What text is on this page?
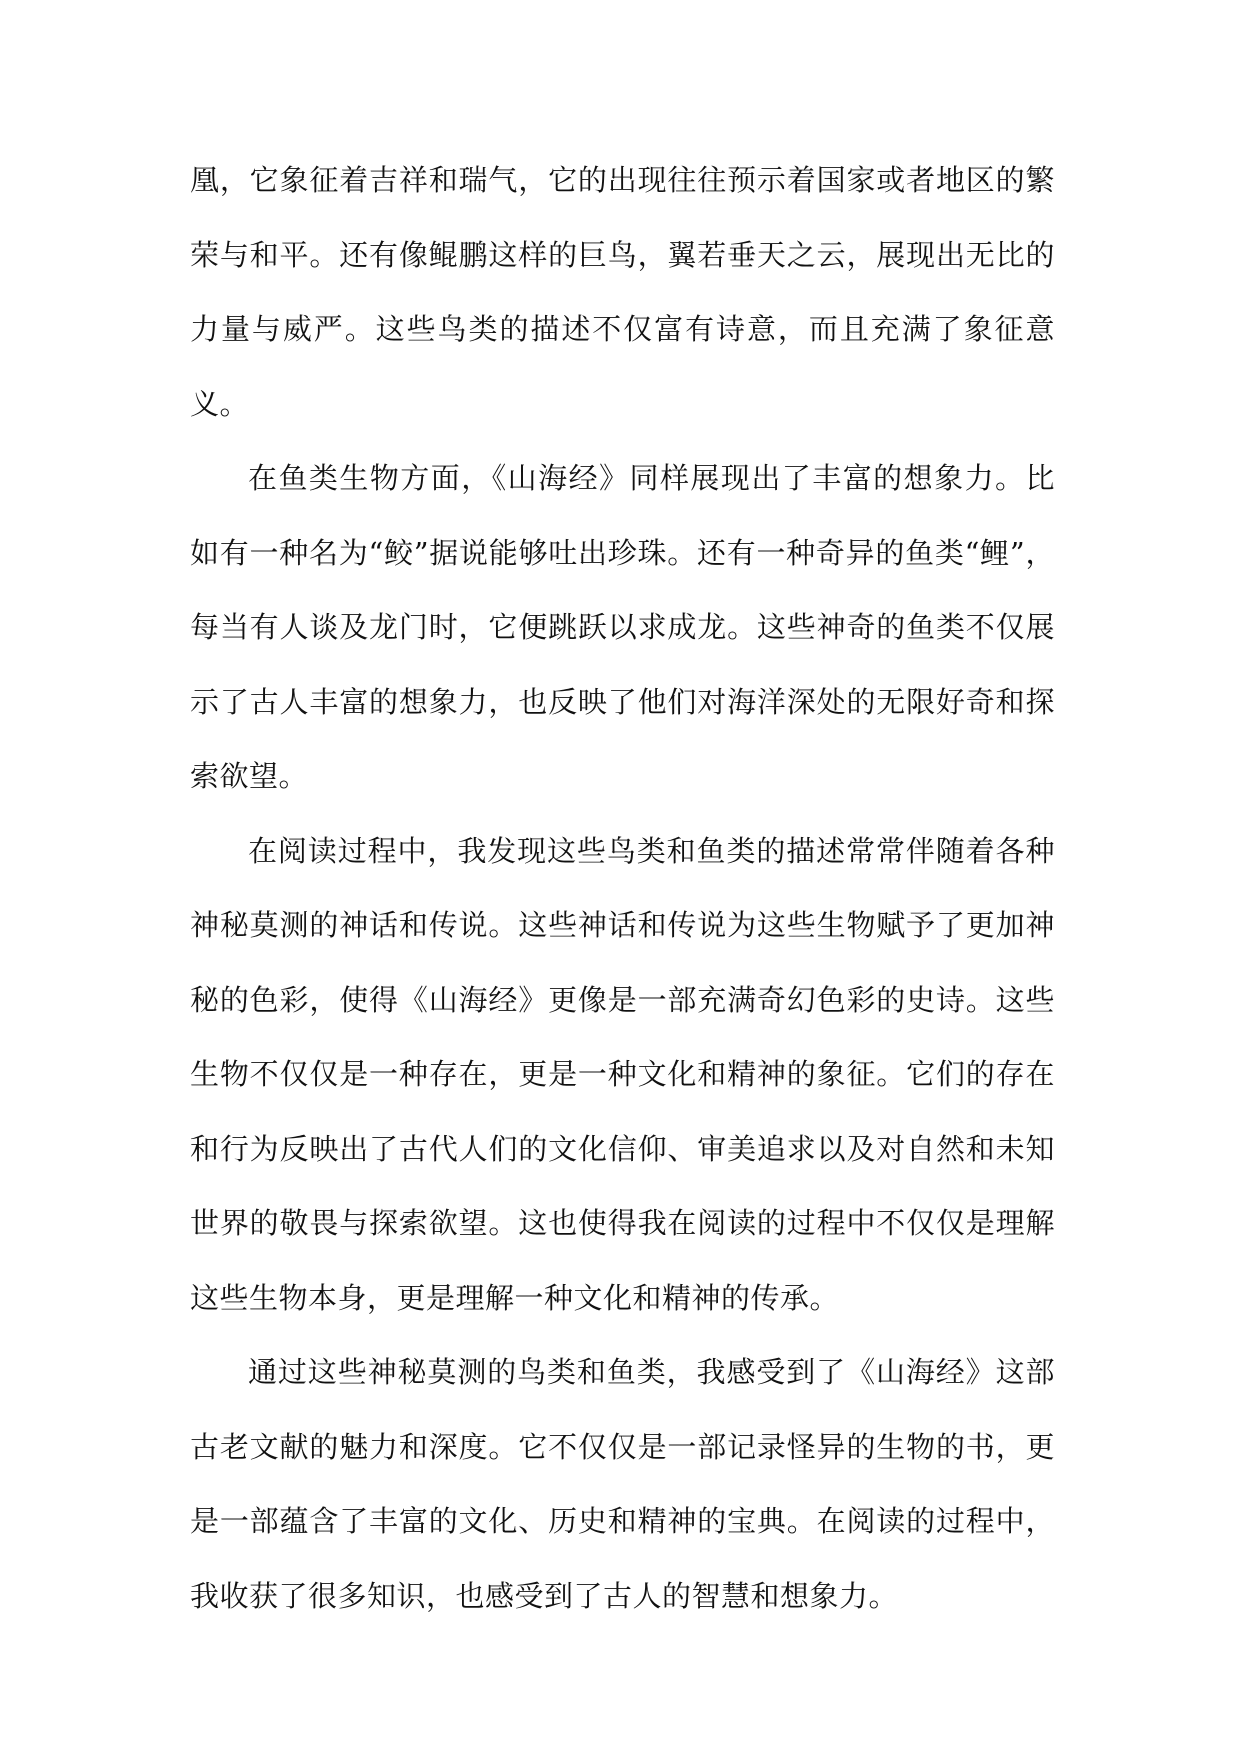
凰，它象征着吉祥和瑞气，它的出现往往预示着国家或者地区的繁荣与和平。还有像鲲鹏这样的巨鸟，翼若垂天之云，展现出无比的力量与威严。这些鸟类的描述不仅富有诗意，而且充满了象征意义。

在鱼类生物方面，《山海经》同样展现出了丰富的想象力。比如有一种名为“鲛”据说能够吐出珍珠。还有一种奇异的鱼类“鲤”，每当有人谈及龙门时，它便跳跃以求成龙。这些神奇的鱼类不仅展示了古人丰富的想象力，也反映了他们对海洋深处的无限好奇和探索欲望。

在阅读过程中，我发现这些鸟类和鱼类的描述常常伴随着各种神秘莫测的神话和传说。这些神话和传说为这些生物赋予了更加神秘的色彩，使得《山海经》更像是一部充满奇幻色彩的史诗。这些生物不仅仅是一种存在，更是一种文化和精神的象征。它们的存在和行为反映出了古代人们的文化信仰、审美追求以及对自然和未知世界的敬畏与探索欲望。这也使得我在阅读的过程中不仅仅是理解这些生物本身，更是理解一种文化和精神的传承。

通过这些神秘莫测的鸟类和鱼类，我感受到了《山海经》这部古老文献的魅力和深度。它不仅仅是一部记录怪异的生物的书，更是一部蕴含了丰富的文化、历史和精神的宝典。在阅读的过程中，我收获了很多知识，也感受到了古人的智慧和想象力。
